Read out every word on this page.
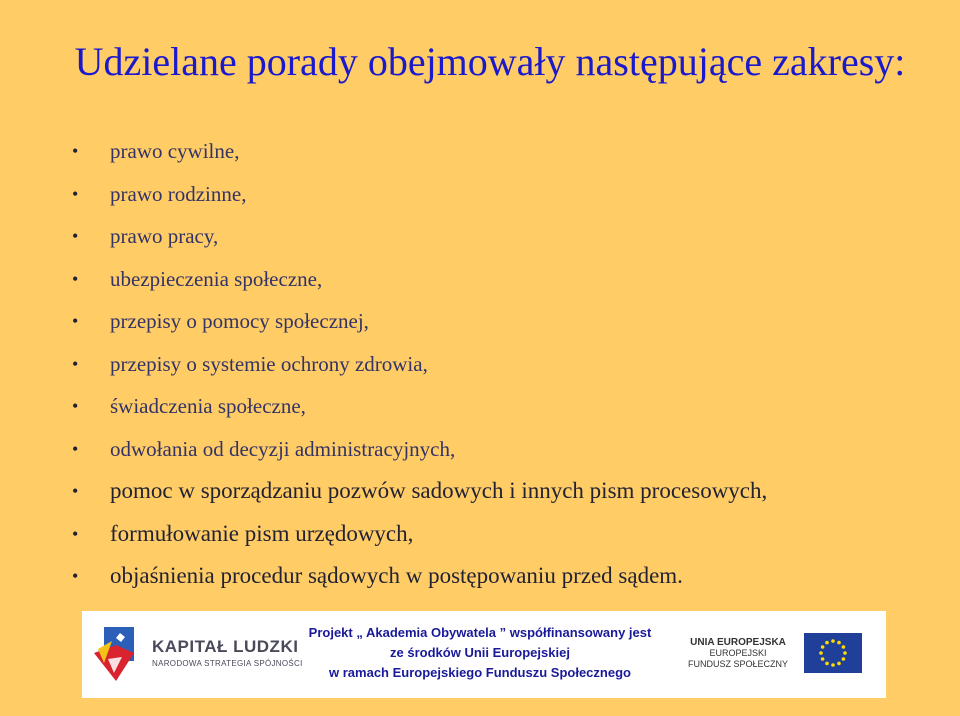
Udzielane porady obejmowały następujące zakresy:
•	prawo cywilne,
•	prawo rodzinne,
•	prawo pracy,
•	ubezpieczenia społeczne,
•	przepisy o pomocy społecznej,
•	przepisy o systemie ochrony zdrowia,
•	świadczenia społeczne,
•	odwołania od decyzji administracyjnych,
•	pomoc w sporządzaniu pozwów sadowych i innych pism procesowych,
•	formułowanie pism urzędowych,
•	objaśnienia procedur sądowych w postępowaniu przed sądem.
KAPITAŁ LUDZKI
NARODOWA STRATEGIA SPÓJNOŚCI
Projekt „ Akademia Obywatela ” współfinansowany jest
ze środków Unii Europejskiej
w ramach Europejskiego Funduszu Społecznego
UNIA EUROPEJSKA
EUROPEJSKI
FUNDUSZ SPOŁECZNY
